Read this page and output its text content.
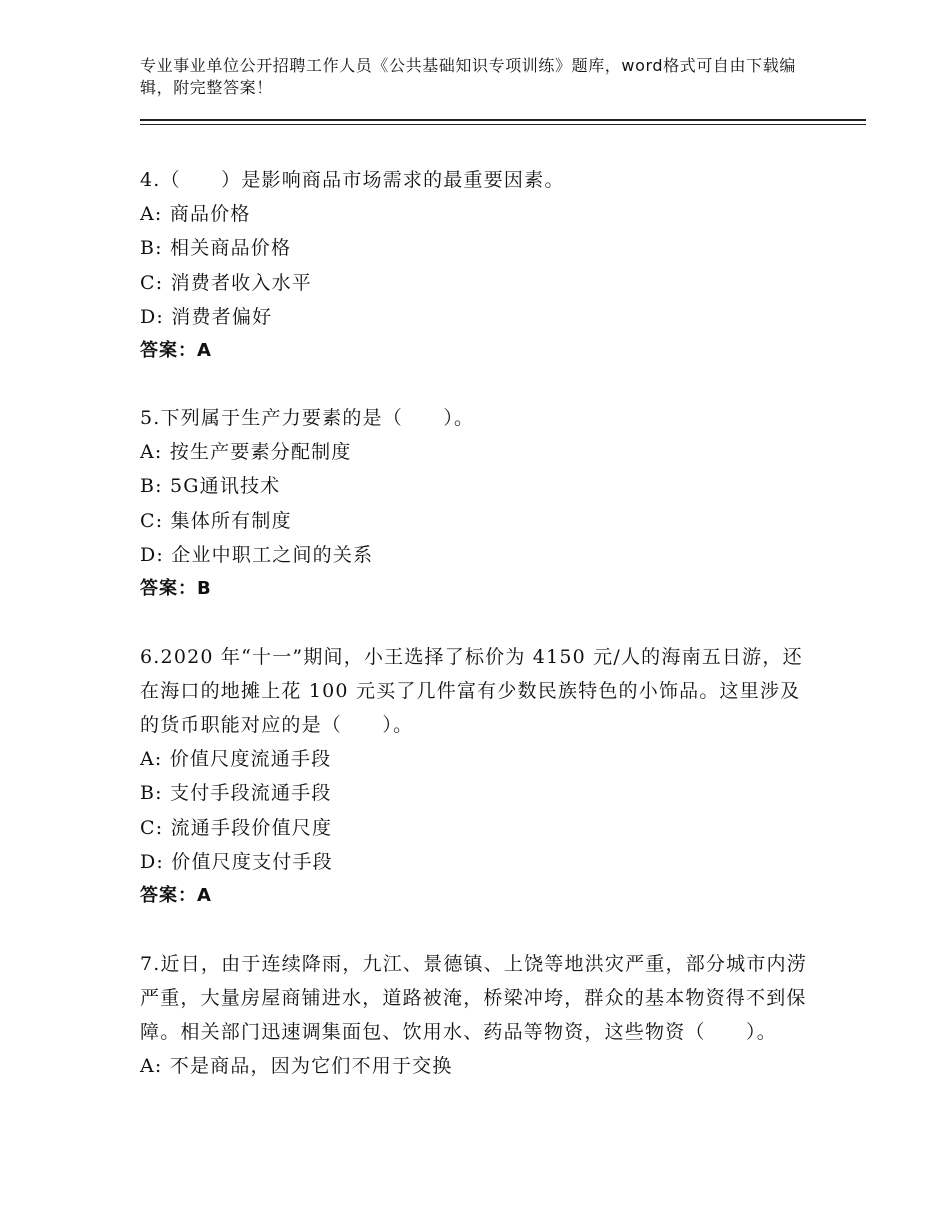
专业事业单位公开招聘工作人员《公共基础知识专项训练》题库，word格式可自由下载编辑，附完整答案！

4.（　　）是影响商品市场需求的最重要因素。

A: 商品价格
B: 相关商品价格
C: 消费者收入水平
D: 消费者偏好
答案：A

5.下列属于生产力要素的是（　　）。

A: 按生产要素分配制度
B: 5G通讯技术
C: 集体所有制度
D: 企业中职工之间的关系
答案：B

6.2020 年“十一”期间，小王选择了标价为 4150 元/人的海南五日游，还在海口的地摊上花 100 元买了几件富有少数民族特色的小饰品。这里涉及的货币职能对应的是（　　）。

A: 价值尺度流通手段
B: 支付手段流通手段
C: 流通手段价值尺度
D: 价值尺度支付手段
答案：A

7.近日，由于连续降雨，九江、景德镇、上饶等地洪灾严重，部分城市内涝严重，大量房屋商铺进水，道路被淹，桥梁冲垮，群众的基本物资得不到保障。相关部门迅速调集面包、饮用水、药品等物资，这些物资（　　）。

A: 不是商品，因为它们不用于交换
